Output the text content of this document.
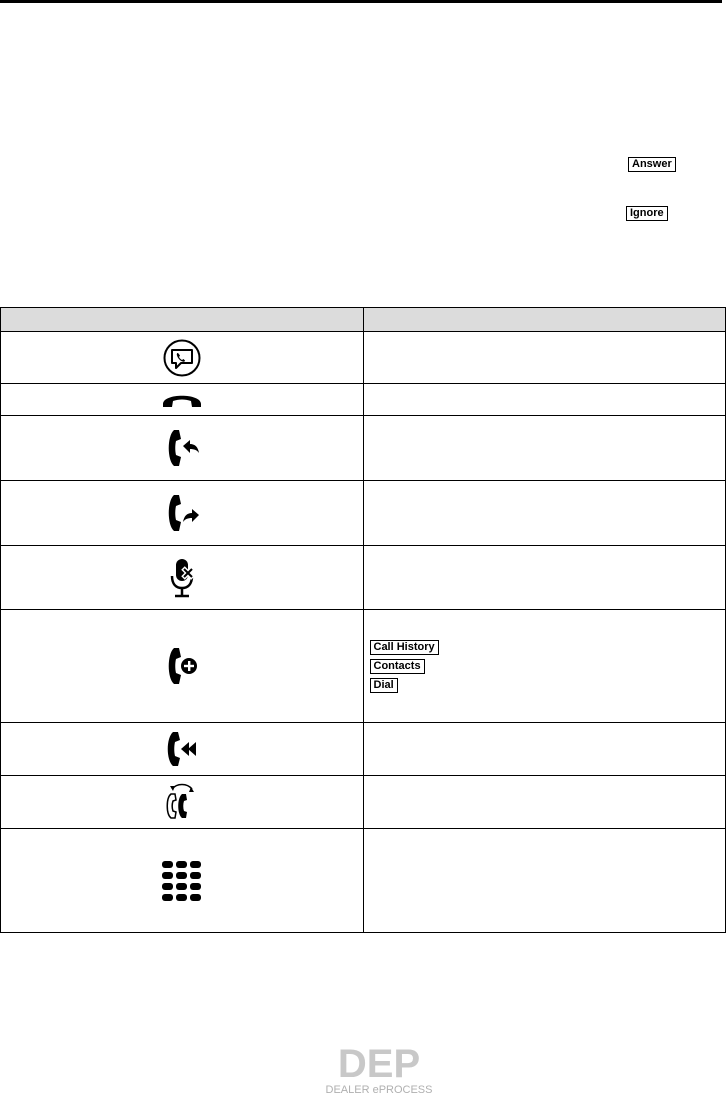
Answer
Ignore

Call History
Contacts
Dial

DEP
DEALER ePROCESS
